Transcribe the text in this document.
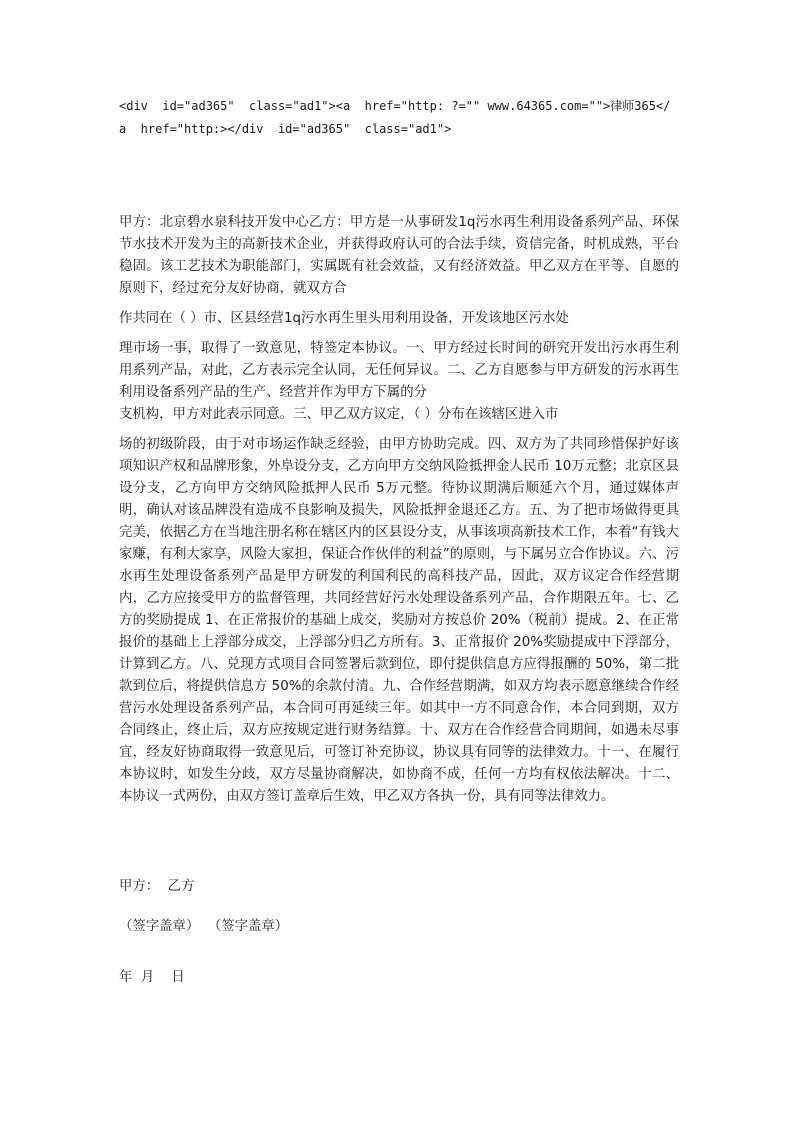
<div  id="ad365"  class="ad1"><a  href="http: ?="" www.64365.com="">律师365</
a  href="http:></div  id="ad365"  class="ad1">

甲方：北京碧水泉科技开发中心乙方：甲方是一从事研发1q污水再生利用设备系列产品、环保节水技术开发为主的高新技术企业，并获得政府认可的合法手续，资信完备，时机成熟，平台稳固。该工艺技术为职能部门，实属既有社会效益，又有经济效益。甲乙双方在平等、自愿的原则下，经过充分友好协商，就双方合

作共同在（ ）市、区县经营1q污水再生里头用利用设备，开发该地区污水处

理市场一事，取得了一致意见，特签定本协议。一、甲方经过长时间的研究开发出污水再生利用系列产品，对此，乙方表示完全认同，无任何异议。二、乙方自愿参与甲方研发的污水再生利用设备系列产品的生产、经营并作为甲方下属的分

支机构，甲方对此表示同意。三、甲乙双方议定，（ ）分布在该辖区进入市

场的初级阶段，由于对市场运作缺乏经验，由甲方协助完成。四、双方为了共同珍惜保护好该项知识产权和品牌形象，外阜设分支，乙方向甲方交纳风险抵押金人民币 10万元整；北京区县设分支，乙方向甲方交纳风险抵押人民币 5万元整。待协议期满后顺延六个月，通过媒体声明，确认对该品牌没有造成不良影响及损失，风险抵押金退还乙方。五、为了把市场做得更具完美，依据乙方在当地注册名称在辖区内的区县设分支，从事该项高新技术工作，本着“有钱大家赚，有利大家享，风险大家担，保证合作伙伴的利益”的原则，与下属另立合作协议。六、污水再生处理设备系列产品是甲方研发的利国利民的高科技产品，因此，双方议定合作经营期内，乙方应接受甲方的监督管理，共同经营好污水处理设备系列产品，合作期限五年。七、乙方的奖励提成 1、在正常报价的基础上成交，奖励对方按总价 20%（税前）提成。2、在正常报价的基础上上浮部分成交，上浮部分归乙方所有。3、正常报价 20%奖励提成中下浮部分，计算到乙方。八、兑现方式项目合同签署后款到位，即付提供信息方应得报酬的 50%，第二批款到位后，将提供信息方 50%的余款付清。九、合作经营期满，如双方均表示愿意继续合作经营污水处理设备系列产品，本合同可再延续三年。如其中一方不同意合作，本合同到期，双方合同终止，终止后，双方应按规定进行财务结算。十、双方在合作经营合同期间，如遇未尽事宜，经友好协商取得一致意见后，可签订补充协议，协议具有同等的法律效力。十一、在履行本协议时，如发生分歧，双方尽量协商解决，如协商不成，任何一方均有权依法解决。十二、本协议一式两份，由双方签订盖章后生效，甲乙双方各执一份，具有同等法律效力。

甲方：  乙方
（签字盖章）  （签字盖章）
年  月    日
